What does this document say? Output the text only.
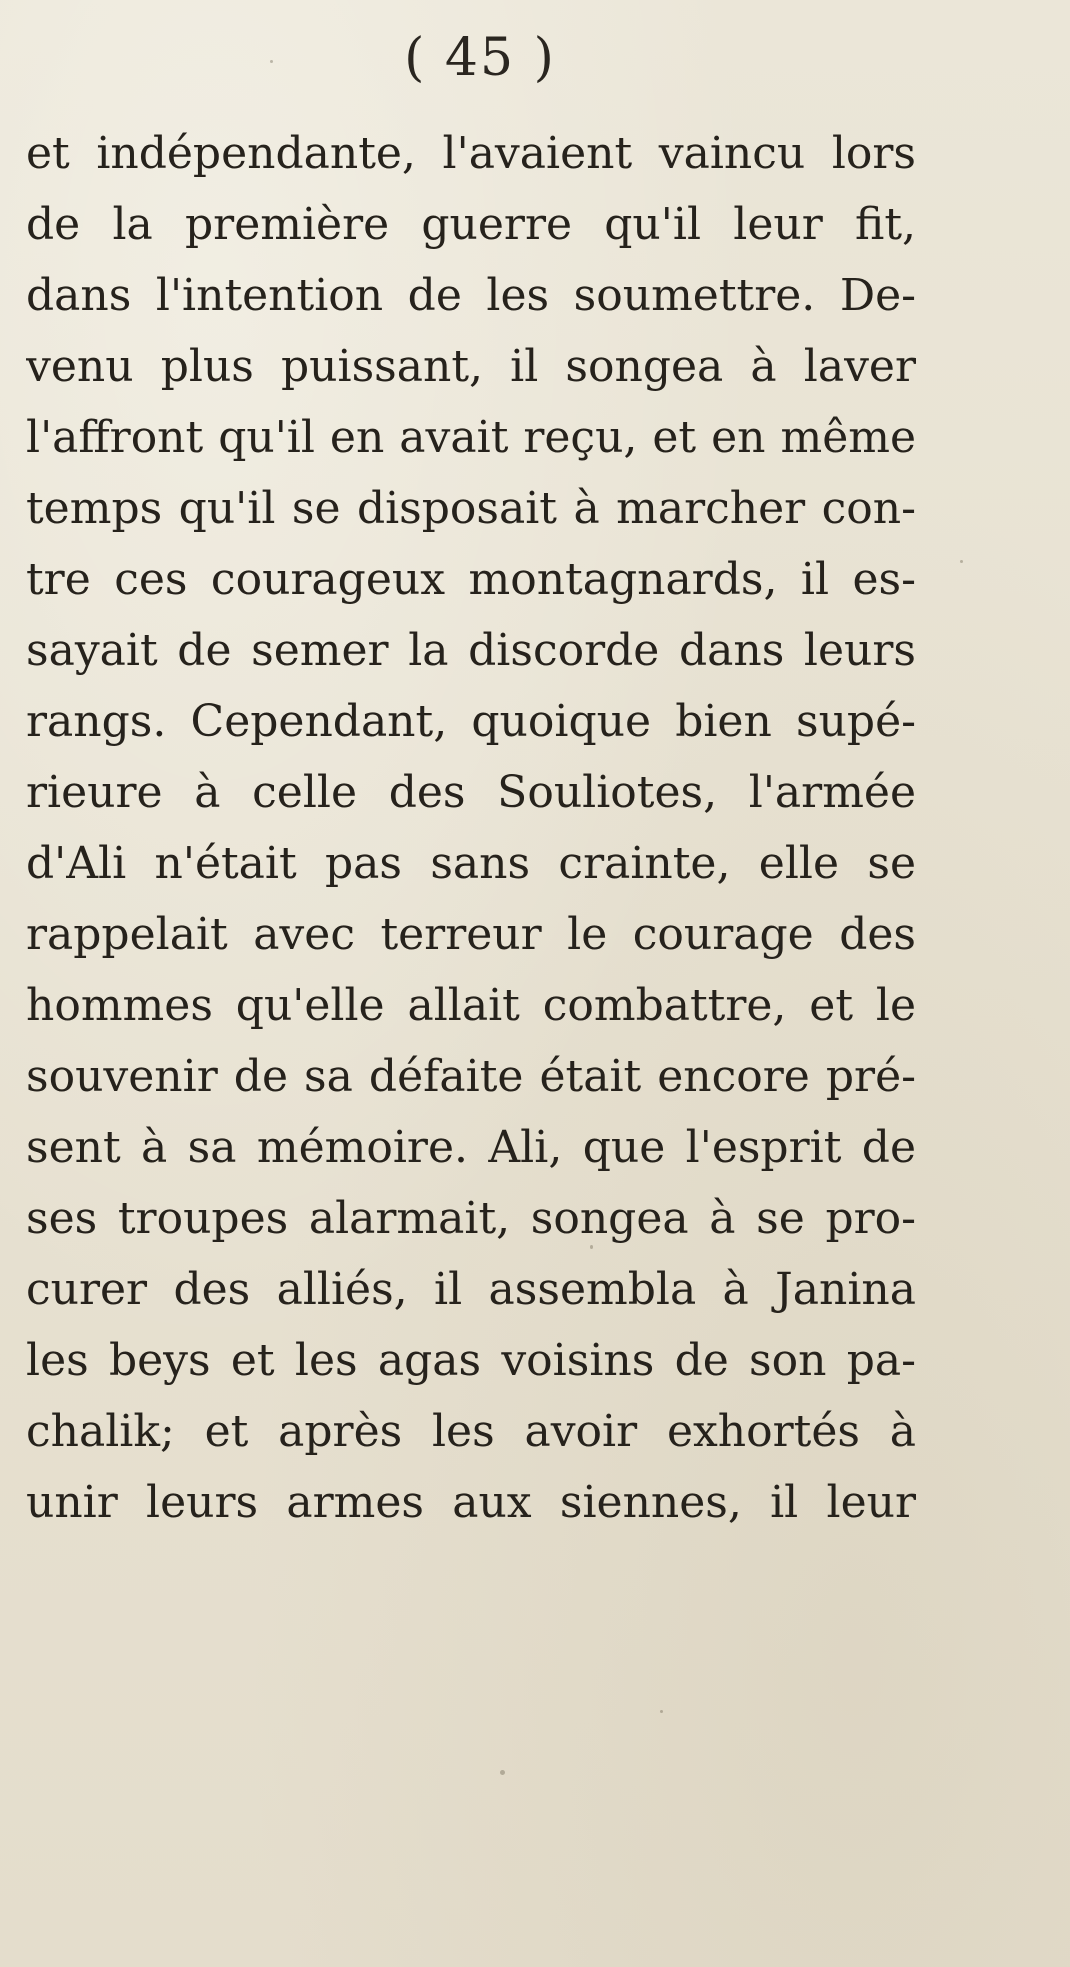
( 45 )
et indépendante, l'avaient vaincu lors
de la première guerre qu'il leur fit,
dans l'intention de les soumettre. De-
venu plus puissant, il songea à laver
l'affront qu'il en avait reçu, et en même
temps qu'il se disposait à marcher con-
tre ces courageux montagnards, il es-
sayait de semer la discorde dans leurs
rangs. Cependant, quoique bien supé-
rieure à celle des Souliotes, l'armée
d'Ali n'était pas sans crainte, elle se
rappelait avec terreur le courage des
hommes qu'elle allait combattre, et le
souvenir de sa défaite était encore pré-
sent à sa mémoire. Ali, que l'esprit de
ses troupes alarmait, songea à se pro-
curer des alliés, il assembla à Janina
les beys et les agas voisins de son pa-
chalik; et après les avoir exhortés à
unir leurs armes aux siennes, il leur
